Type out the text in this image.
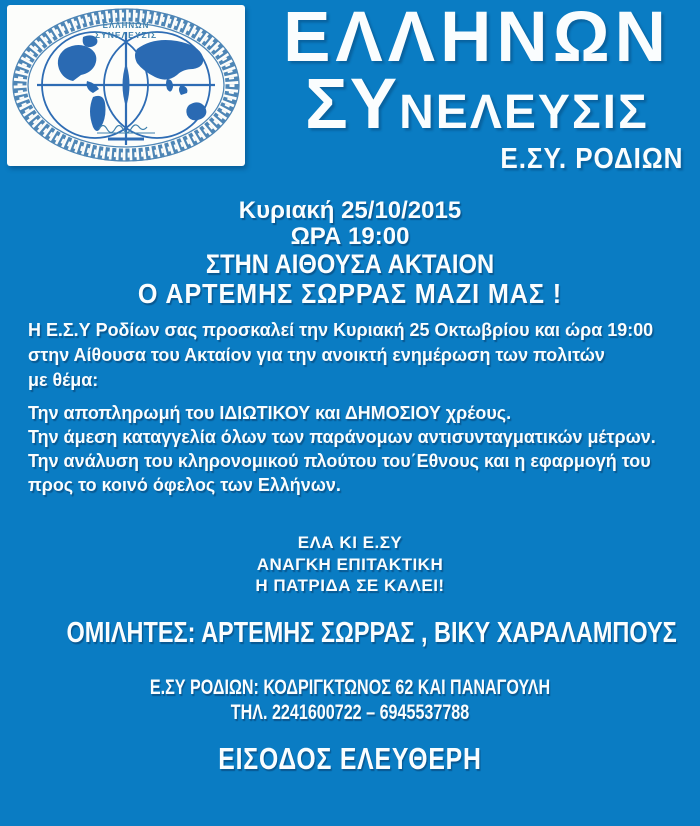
ΕΛΛΗΝΩΝ
ΣΥΝΕΛΕΥΣΙΣ	ΕΛΛΗΝΩΝ
ΣΥΝΕΛΕΥΣΙΣ
Ε.ΣΥ. ΡΟΔΙΩΝ
Κυριακή 25/10/2015
ΩΡΑ 19:00
ΣΤΗΝ ΑΙΘΟΥΣΑ ΑΚΤΑΙΟΝ
Ο ΑΡΤΕΜΗΣ ΣΩΡΡΑΣ ΜΑΖΙ ΜΑΣ !
Η Ε.Σ.Υ Ροδίων σας προσκαλεί την Κυριακή 25 Οκτωβρίου και ώρα 19:00
στην Αίθουσα του Ακταίον για την ανοικτή ενημέρωση των πολιτών
με θέμα:
Την αποπληρωμή του ΙΔΙΩΤΙΚΟΥ και ΔΗΜΟΣΙΟΥ χρέους.
Την άμεση καταγγελία όλων των παράνομων αντισυνταγματικών μέτρων.
Την ανάλυση του κληρονομικού πλούτου του΄Εθνους και η εφαρμογή του
προς το κοινό όφελος των Ελλήνων.
ΕΛΑ ΚΙ Ε.ΣΥ
ΑΝΑΓΚΗ ΕΠΙΤΑΚΤΙΚΗ
Η ΠΑΤΡΙΔΑ ΣΕ ΚΑΛΕΙ!
ΟΜΙΛΗΤΕΣ: ΑΡΤΕΜΗΣ ΣΩΡΡΑΣ , ΒΙΚΥ ΧΑΡΑΛΑΜΠΟΥΣ
Ε.ΣΥ ΡΟΔΙΩΝ: ΚΟΔΡΙΓΚΤΩΝΟΣ 62 ΚΑΙ ΠΑΝΑΓΟΥΛΗ
ΤΗΛ. 2241600722 – 6945537788
ΕΙΣΟΔΟΣ ΕΛΕΥΘΕΡΗ
